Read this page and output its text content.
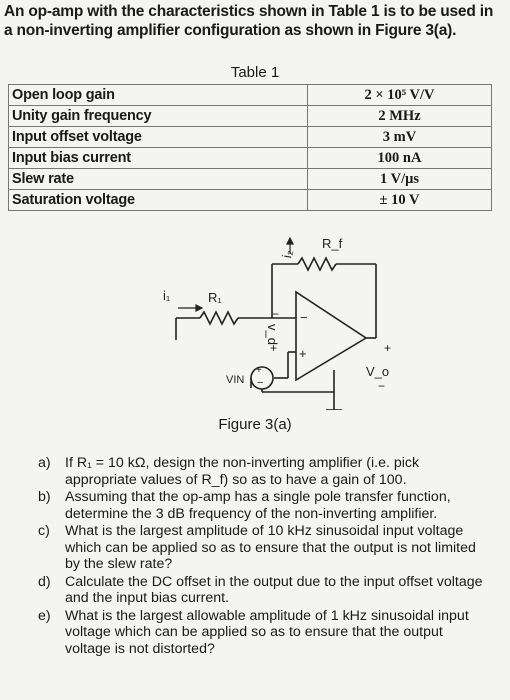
An op-amp with the characteristics shown in Table 1 is to be used in a non-inverting amplifier configuration as shown in Figure 3(a).
Table 1
Open loop gain	2 × 10⁵ V/V
Unity gain frequency	2 MHz
Input offset voltage	3 mV
Input bias current	100 nA
Slew rate	1 V/μs
Saturation voltage	± 10 V
i₁
i₂
R₁
R_f
v_d
−
+
−
+
+
−
VIN
+
V_o
−
Figure 3(a)
a) If R₁ = 10 kΩ, design the non-inverting amplifier (i.e. pick appropriate values of R_f) so as to have a gain of 100.
b) Assuming that the op-amp has a single pole transfer function, determine the 3 dB frequency of the non-inverting amplifier.
c) What is the largest amplitude of 10 kHz sinusoidal input voltage which can be applied so as to ensure that the output is not limited by the slew rate?
d) Calculate the DC offset in the output due to the input offset voltage and the input bias current.
e) What is the largest allowable amplitude of 1 kHz sinusoidal input voltage which can be applied so as to ensure that the output voltage is not distorted?
